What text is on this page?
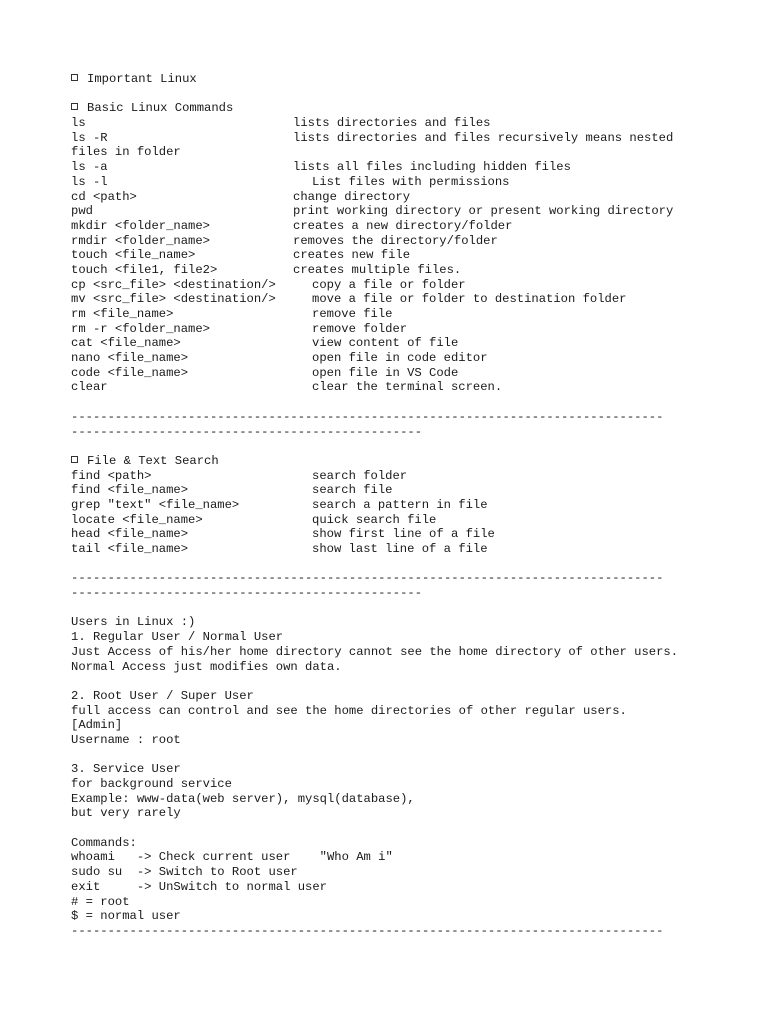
Important Linux
Basic Linux Commands
ls	lists directories and files
ls -R	lists directories and files recursively means nested
files in folder
ls -a	lists all files including hidden files
ls -l	List files with permissions
cd <path>	change directory
pwd	print working directory or present working directory
mkdir <folder_name>	creates a new directory/folder
rmdir <folder_name>	removes the directory/folder
touch <file_name>	creates new file
touch <file1, file2>	creates multiple files.
cp <src_file> <destination/>	copy a file or folder
mv <src_file> <destination/>	move a file or folder to destination folder
rm <file_name>	remove file
rm -r <folder_name>	remove folder
cat <file_name>	view content of file
nano <file_name>	open file in code editor
code <file_name>	open file in VS Code
clear	clear the terminal screen.
---------------------------------------------------------------------------------
------------------------------------------------
File & Text Search
find <path>	search folder
find <file_name>	search file
grep "text" <file_name>	search a pattern in file
locate <file_name>	quick search file
head <file_name>	show first line of a file
tail <file_name>	show last line of a file
---------------------------------------------------------------------------------
------------------------------------------------
Users in Linux :)
1. Regular User / Normal User
Just Access of his/her home directory cannot see the home directory of other users.
Normal Access just modifies own data.
2. Root User / Super User
full access can control and see the home directories of other regular users.
[Admin]
Username : root
3. Service User
for background service
Example: www-data(web server), mysql(database),
but very rarely
Commands:
whoami   -> Check current user    "Who Am i"
sudo su  -> Switch to Root user
exit     -> UnSwitch to normal user
# = root
$ = normal user
---------------------------------------------------------------------------------
